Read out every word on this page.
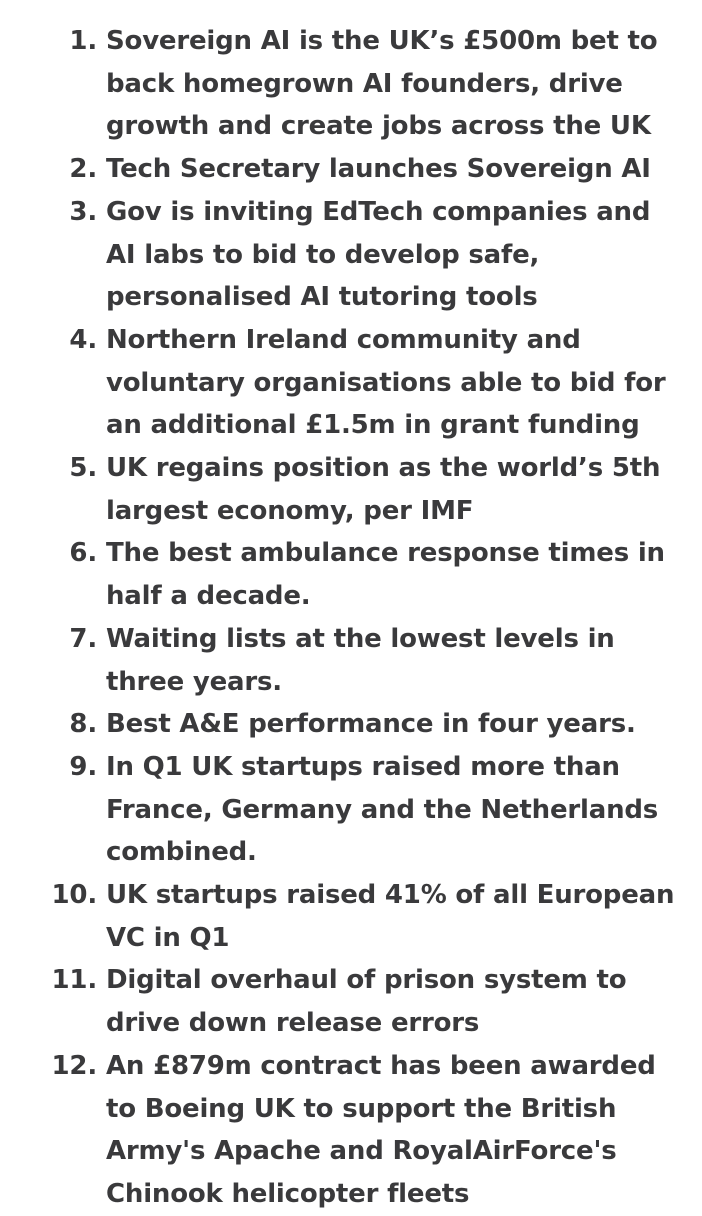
1. Sovereign AI is the UK’s £500m bet to
back homegrown AI founders, drive
growth and create jobs across the UK
2. Tech Secretary launches Sovereign AI
3. Gov is inviting EdTech companies and
AI labs to bid to develop safe,
personalised AI tutoring tools
4. Northern Ireland community and
voluntary organisations able to bid for
an additional £1.5m in grant funding
5. UK regains position as the world’s 5th
largest economy, per IMF
6. The best ambulance response times in
half a decade.
7. Waiting lists at the lowest levels in
three years.
8. Best A&E performance in four years.
9. In Q1 UK startups raised more than
France, Germany and the Netherlands
combined.
10. UK startups raised 41% of all European
VC in Q1
11. Digital overhaul of prison system to
drive down release errors
12. An £879m contract has been awarded
to Boeing UK to support the British
Army's Apache and RoyalAirForce's
Chinook helicopter fleets
